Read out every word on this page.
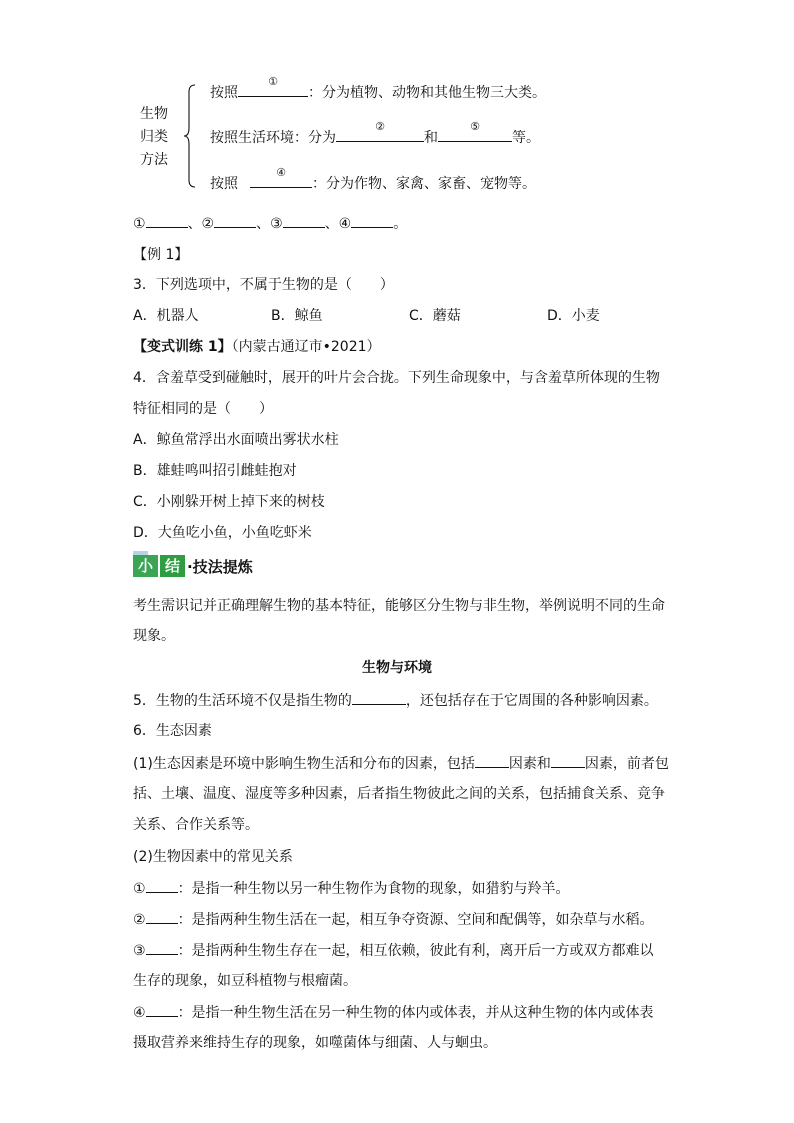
生物
归类
方法
按照
①
：分为植物、动物和其他生物三大类。
按照生活环境：分为
②
和
⑤
等。
按照
④
：分为作物、家禽、家畜、宠物等。
①	、②	、③	、④	。
【例 1】
3．下列选项中，不属于生物的是（　　）
A．机器人	B．鲸鱼	C．蘑菇	D．小麦
【变式训练 1】（内蒙古通辽市•2021）
4．含羞草受到碰触时，展开的叶片会合拢。下列生命现象中，与含羞草所体现的生物
特征相同的是（　　）
A．鲸鱼常浮出水面喷出雾状水柱
B．雄蛙鸣叫招引雌蛙抱对
C．小刚躲开树上掉下来的树枝
D．大鱼吃小鱼，小鱼吃虾米
小 结 ·技法提炼
考生需识记并正确理解生物的基本特征，能够区分生物与非生物，举例说明不同的生命
现象。
生物与环境
5．生物的生活环境不仅是指生物的	，还包括存在于它周围的各种影响因素。
6．生态因素
(1)生态因素是环境中影响生物生活和分布的因素，包括 因素和 因素，前者包
括、土壤、温度、湿度等多种因素，后者指生物彼此之间的关系，包括捕食关系、竞争
关系、合作关系等。
(2)生物因素中的常见关系
① ：是指一种生物以另一种生物作为食物的现象，如猎豹与羚羊。
② ：是指两种生物生活在一起，相互争夺资源、空间和配偶等，如杂草与水稻。
③ ：是指两种生物生存在一起，相互依赖，彼此有利，离开后一方或双方都难以
生存的现象，如豆科植物与根瘤菌。
④ ：是指一种生物生活在另一种生物的体内或体表，并从这种生物的体内或体表
摄取营养来维持生存的现象，如噬菌体与细菌、人与蛔虫。
